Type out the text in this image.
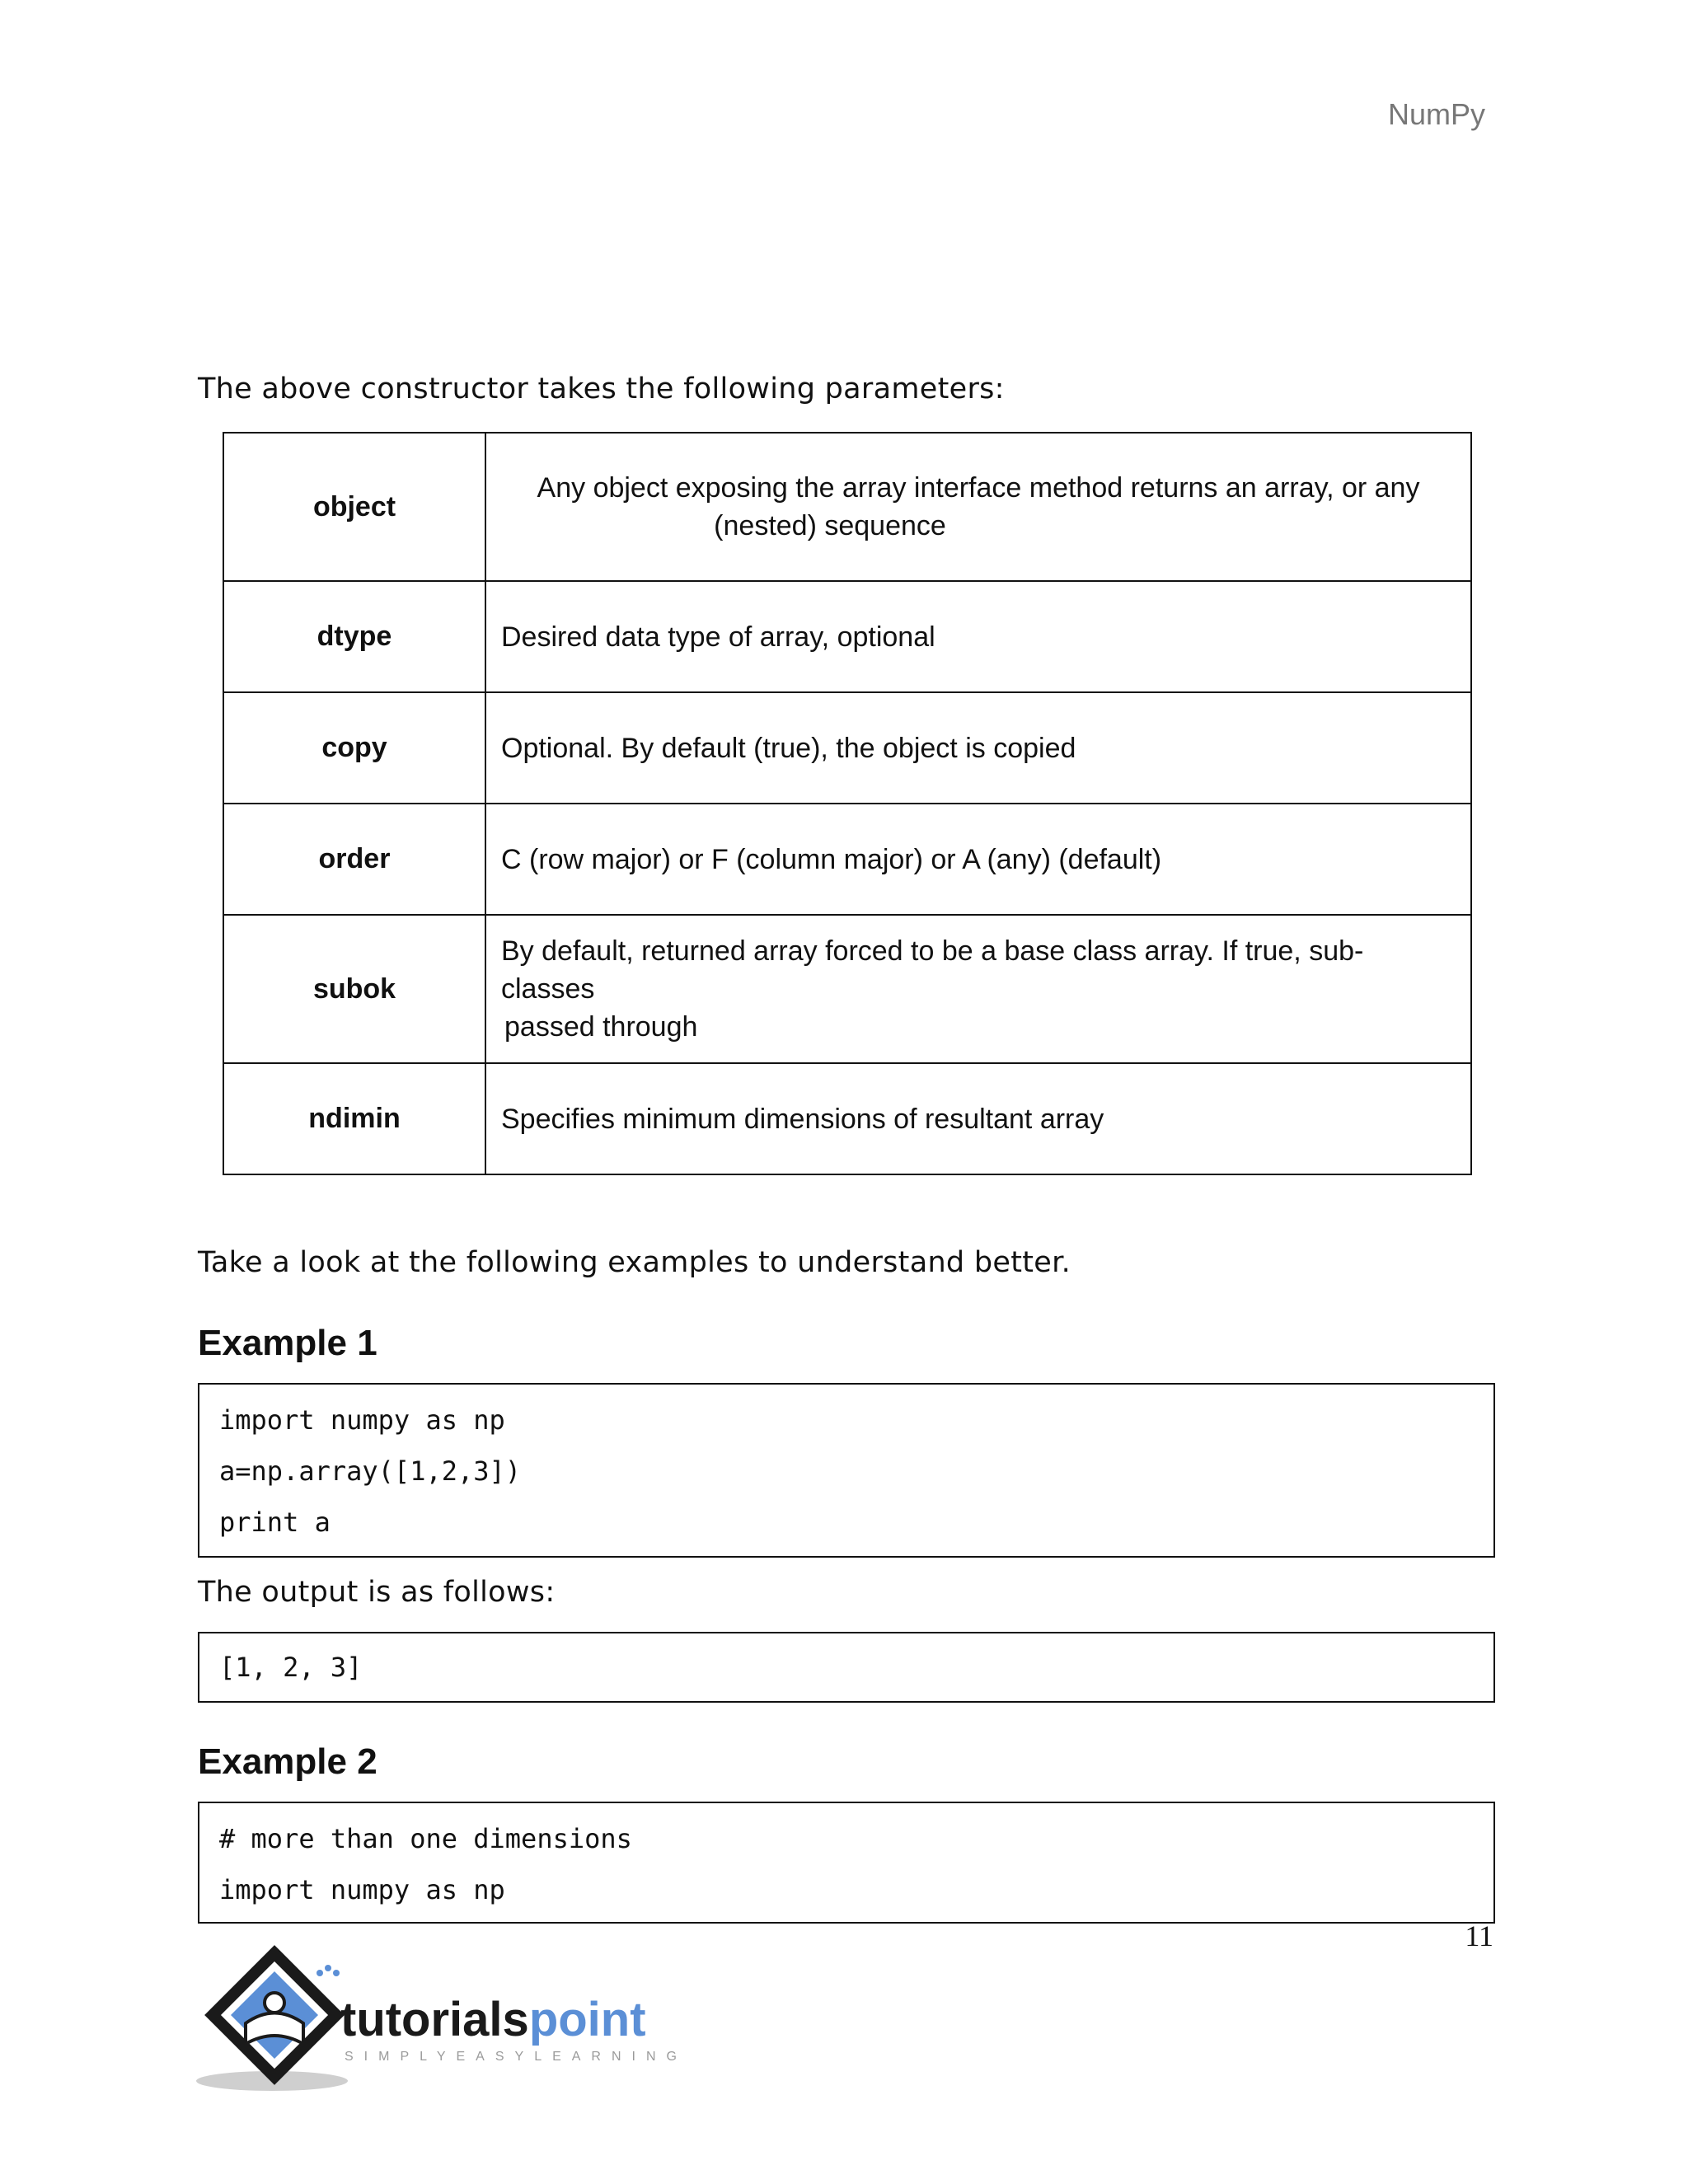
NumPy
The above constructor takes the following parameters:
object	Any object exposing the array interface method returns an array, or any
(nested) sequence

dtype	Desired data type of array, optional
copy	Optional. By default (true), the object is copied
order	C (row major) or F (column major) or A (any) (default)
subok	By default, returned array forced to be a base class array. If true, sub-classes
passed through

ndimin	Specifies minimum dimensions of resultant array
Take a look at the following examples to understand better.
Example 1
import numpy as np
a=np.array([1,2,3])
print a
The output is as follows:
[1, 2, 3]
Example 2
# more than one dimensions
import numpy as np
11
tutorialspoint
SIMPLYEASYLEARNING
